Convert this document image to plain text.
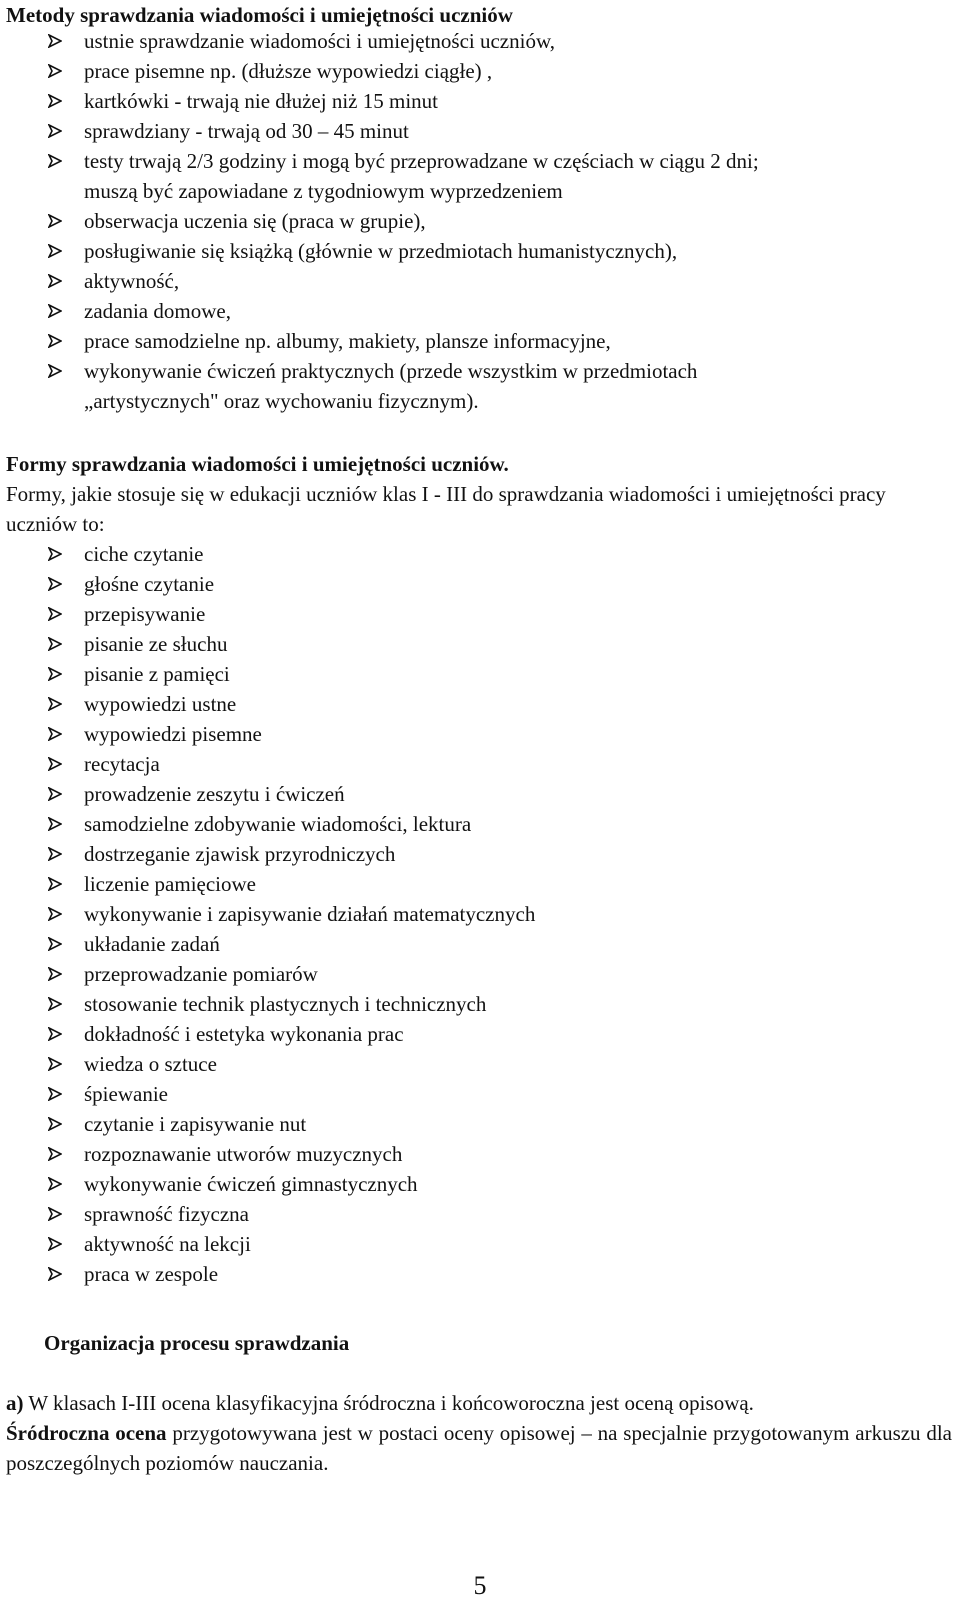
Metody sprawdzania wiadomości i umiejętności uczniów
ustnie sprawdzanie wiadomości i umiejętności uczniów,
prace pisemne np. (dłuższe wypowiedzi ciągłe) ,
kartkówki - trwają nie dłużej niż 15 minut
sprawdziany - trwają od 30 – 45 minut
testy trwają 2/3 godziny i mogą być przeprowadzane w częściach w ciągu 2 dni;
muszą być zapowiadane z tygodniowym wyprzedzeniem
obserwacja uczenia się (praca w grupie),
posługiwanie się książką (głównie w przedmiotach humanistycznych),
aktywność,
zadania domowe,
prace samodzielne np. albumy, makiety, plansze informacyjne,
wykonywanie ćwiczeń praktycznych (przede wszystkim w przedmiotach
„artystycznych" oraz wychowaniu fizycznym).
Formy sprawdzania wiadomości i umiejętności uczniów.
Formy, jakie stosuje się w edukacji uczniów klas I - III do sprawdzania wiadomości i umiejętności pracy uczniów to:
ciche czytanie
głośne czytanie
przepisywanie
pisanie ze słuchu
pisanie z pamięci
wypowiedzi ustne
wypowiedzi pisemne
recytacja
prowadzenie zeszytu i ćwiczeń
samodzielne zdobywanie wiadomości, lektura
dostrzeganie zjawisk przyrodniczych
liczenie pamięciowe
wykonywanie i zapisywanie działań matematycznych
układanie zadań
przeprowadzanie pomiarów
stosowanie technik plastycznych i technicznych
dokładność i estetyka wykonania prac
wiedza o sztuce
śpiewanie
czytanie i zapisywanie nut
rozpoznawanie utworów muzycznych
wykonywanie ćwiczeń gimnastycznych
sprawność fizyczna
aktywność na lekcji
praca w zespole
Organizacja procesu sprawdzania
a) W klasach I-III ocena klasyfikacyjna śródroczna i końcoworoczna jest oceną opisową.
Śródroczna ocena przygotowywana jest w postaci oceny opisowej – na specjalnie przygotowanym arkuszu dla poszczególnych poziomów nauczania.
5
